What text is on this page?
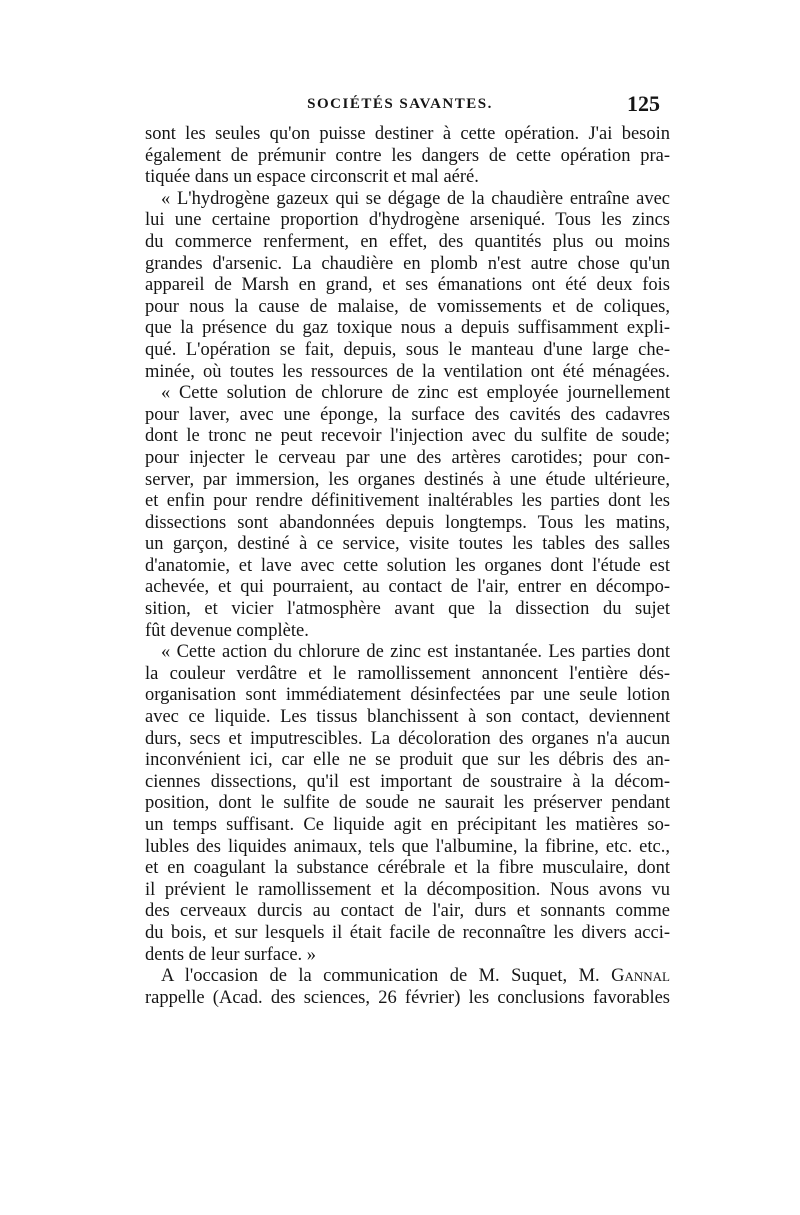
SOCIÉTÉS SAVANTES.	125
sont les seules qu'on puisse destiner à cette opération. J'ai besoin
également de prémunir contre les dangers de cette opération pra-
tiquée dans un espace circonscrit et mal aéré.
« L'hydrogène gazeux qui se dégage de la chaudière entraîne avec
lui une certaine proportion d'hydrogène arseniqué. Tous les zincs
du commerce renferment, en effet, des quantités plus ou moins
grandes d'arsenic. La chaudière en plomb n'est autre chose qu'un
appareil de Marsh en grand, et ses émanations ont été deux fois
pour nous la cause de malaise, de vomissements et de coliques,
que la présence du gaz toxique nous a depuis suffisamment expli-
qué. L'opération se fait, depuis, sous le manteau d'une large che-
minée, où toutes les ressources de la ventilation ont été ménagées.
« Cette solution de chlorure de zinc est employée journellement
pour laver, avec une éponge, la surface des cavités des cadavres
dont le tronc ne peut recevoir l'injection avec du sulfite de soude;
pour injecter le cerveau par une des artères carotides; pour con-
server, par immersion, les organes destinés à une étude ultérieure,
et enfin pour rendre définitivement inaltérables les parties dont les
dissections sont abandonnées depuis longtemps. Tous les matins,
un garçon, destiné à ce service, visite toutes les tables des salles
d'anatomie, et lave avec cette solution les organes dont l'étude est
achevée, et qui pourraient, au contact de l'air, entrer en décompo-
sition, et vicier l'atmosphère avant que la dissection du sujet
fût devenue complète.
« Cette action du chlorure de zinc est instantanée. Les parties dont
la couleur verdâtre et le ramollissement annoncent l'entière dés-
organisation sont immédiatement désinfectées par une seule lotion
avec ce liquide. Les tissus blanchissent à son contact, deviennent
durs, secs et imputrescibles. La décoloration des organes n'a aucun
inconvénient ici, car elle ne se produit que sur les débris des an-
ciennes dissections, qu'il est important de soustraire à la décom-
position, dont le sulfite de soude ne saurait les préserver pendant
un temps suffisant. Ce liquide agit en précipitant les matières so-
lubles des liquides animaux, tels que l'albumine, la fibrine, etc. etc.,
et en coagulant la substance cérébrale et la fibre musculaire, dont
il prévient le ramollissement et la décomposition. Nous avons vu
des cerveaux durcis au contact de l'air, durs et sonnants comme
du bois, et sur lesquels il était facile de reconnaître les divers acci-
dents de leur surface. »
A l'occasion de la communication de M. Suquet, M. Gannal
rappelle (Acad. des sciences, 26 février) les conclusions favorables
